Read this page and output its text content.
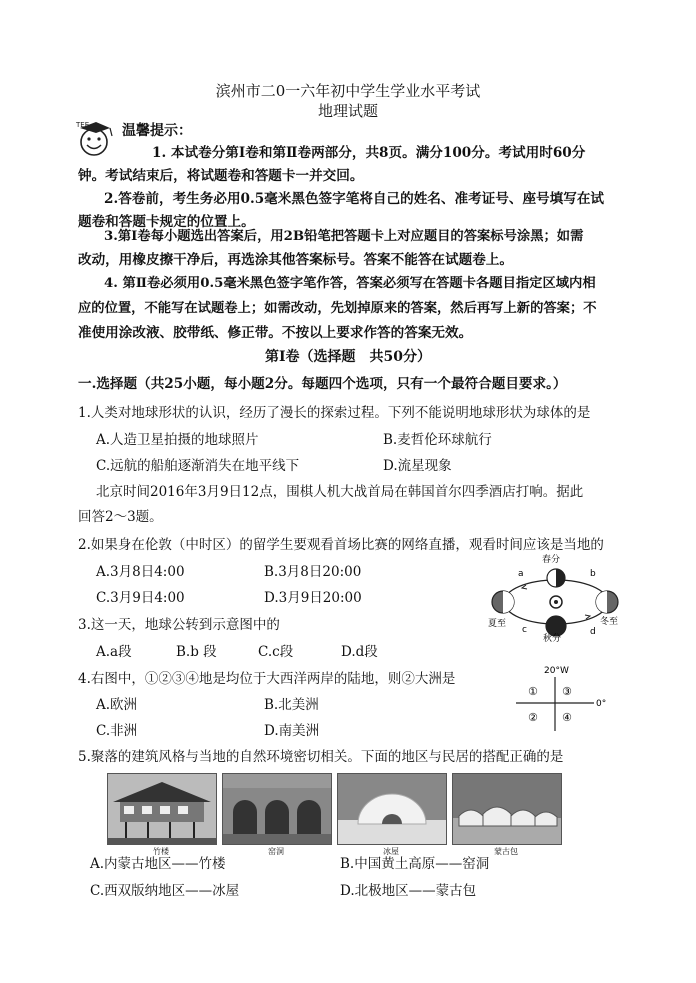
滨州市二0一六年初中学生学业水平考试
地理试题
TEE 温馨提示：
1. 本试卷分第Ⅰ卷和第Ⅱ卷两部分，共8页。满分100分。考试用时60分
钟。考试结束后，将试题卷和答题卡一并交回。
2.答卷前，考生务必用0.5毫米黑色签字笔将自己的姓名、准考证号、座号填写在试
题卷和答题卡规定的位置上。
3.第Ⅰ卷每小题选出答案后，用2B铅笔把答题卡上对应题目的答案标号涂黑；如需
改动，用橡皮擦干净后，再选涂其他答案标号。答案不能答在试题卷上。
4. 第Ⅱ卷必须用0.5毫米黑色签字笔作答，答案必须写在答题卡各题目指定区域内相
应的位置，不能写在试题卷上；如需改动，先划掉原来的答案，然后再写上新的答案；不
准使用涂改液、胶带纸、修正带。不按以上要求作答的答案无效。
第Ⅰ卷（选择题　共50分）
一.选择题（共25小题，每小题2分。每题四个选项，只有一个最符合题目要求。）
1.人类对地球形状的认识，经历了漫长的探索过程。下列不能说明地球形状为球体的是
A.人造卫星拍摄的地球照片	B.麦哲伦环球航行
C.远航的船舶逐渐消失在地平线下	D.流星现象
北京时间2016年3月9日12点，围棋人机大战首局在韩国首尔四季酒店打响。据此
回答2～3题。
2.如果身在伦敦（中时区）的留学生要观看首场比赛的网络直播，观看时间应该是当地的
A.3月8日4:00	B.3月8日20:00
C.3月9日4:00	D.3月9日20:00
春分
夏至
秋分
冬至
a	b
c	d
3.这一天，地球公转到示意图中的
A.a段	B.b 段	C.c段	D.d段
4.右图中，①②③④地是均位于大西洋两岸的陆地，则②大洲是
A.欧洲	B.北美洲
C.非洲	D.南美洲
20°W
0°
① ③
② ④
5.聚落的建筑风格与当地的自然环境密切相关。下面的地区与民居的搭配正确的是
竹楼	窑洞	冰屋	蒙古包
A.内蒙古地区——竹楼	B.中国黄土高原——窑洞
C.西双版纳地区——冰屋	D.北极地区——蒙古包
